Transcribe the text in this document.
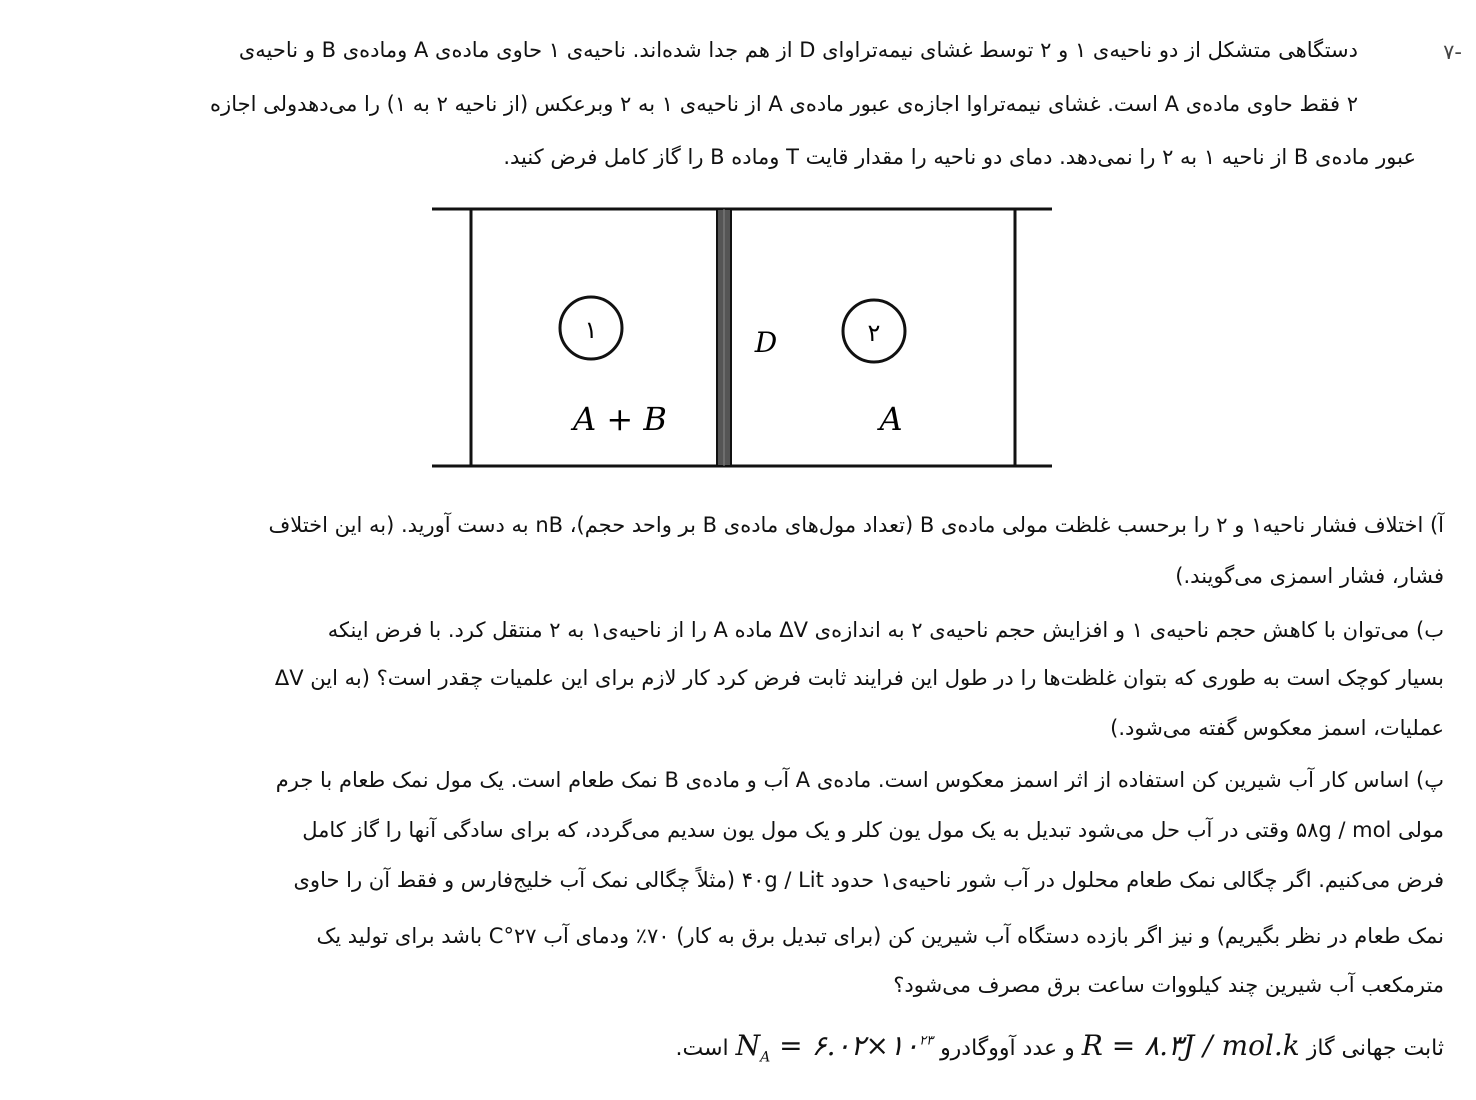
-۷
دستگاهی متشکل از دو ناحیه‌ی ۱ و ۲ توسط غشای نیمه‌تراوای D از هم جدا شده‌اند. ناحیه‌ی ۱ حاوی ماده‌ی A وماده‌ی B و ناحیه‌ی
۲ فقط حاوی ماده‌ی A است. غشای نیمه‌تراوا اجازه‌ی عبور ماده‌ی A از ناحیه‌ی ۱ به ۲ وبرعکس (از ناحیه ۲ به ۱) را می‌دهدولی اجازه
عبور ماده‌ی B از ناحیه ۱ به ۲ را نمی‌دهد. دمای دو ناحیه را مقدار قایت T وماده B را گاز کامل فرض کنید.
۱	۲
D
A + B	A
آ) اختلاف فشار ناحیه۱ و ۲ را برحسب غلظت مولی ماده‌ی B (تعداد مول‌های ماده‌ی B بر واحد حجم)، nB به دست آورید. (به این اختلاف
فشار، فشار اسمزی می‌گویند.)
ب) می‌توان با کاهش حجم ناحیه‌ی ۱ و افزایش حجم ناحیه‌ی ۲ به اندازه‌ی ΔV ماده A را از ناحیه‌ی۱ به ۲ منتقل کرد. با فرض اینکه
ΔV بسیار کوچک است به طوری که بتوان غلظت‌ها را در طول این فرایند ثابت فرض کرد کار لازم برای این علمیات چقدر است؟ (به این
عملیات، اسمز معکوس گفته می‌شود.)
پ) اساس کار آب شیرین کن استفاده از اثر اسمز معکوس است. ماده‌ی A آب و ماده‌ی B نمک طعام است. یک مول نمک طعام با جرم
مولی ۵۸g / mol وقتی در آب حل می‌شود تبدیل به یک مول یون کلر و یک مول یون سدیم می‌گردد، که برای سادگی آنها را گاز کامل
فرض می‌کنیم. اگر چگالی نمک طعام محلول در آب شور ناحیه‌ی۱ حدود ۴۰g / Lit (مثلاً چگالی نمک آب خلیج‌فارس و فقط آن را حاوی
نمک طعام در نظر بگیریم) و نیز اگر بازده دستگاه آب شیرین کن (برای تبدیل برق به کار) ۷۰٪ ودمای آب ۲۷°C باشد برای تولید یک
مترمکعب آب شیرین چند کیلووات ساعت برق مصرف می‌شود؟
ثابت جهانی گاز R = ۸.۳J / mol.k و عدد آووگادرو $N_A$ = $۶.۰۲\times ۱۰^{۲۳}$ است.
